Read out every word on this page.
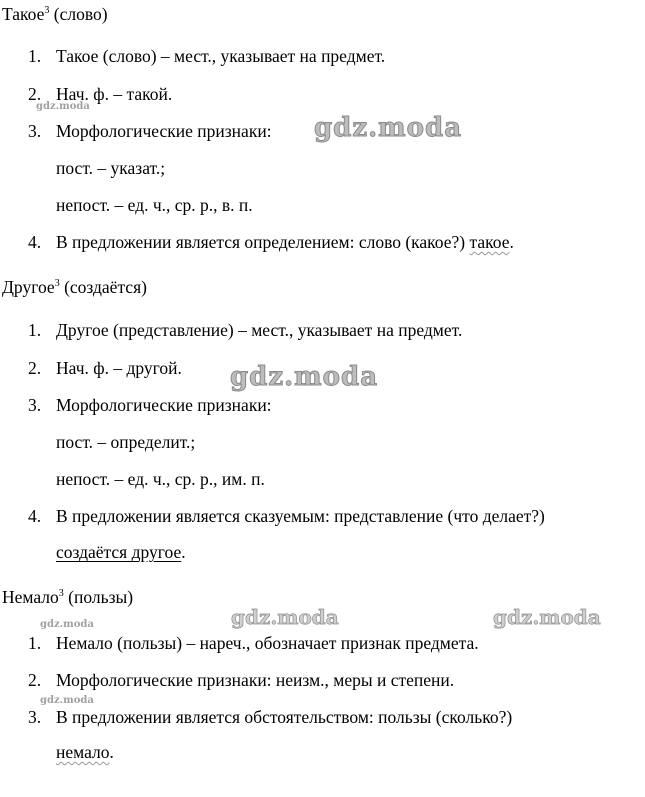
Такое$^3$ (слово)
1. Такое (слово) – мест., указывает на предмет.
2. Нач. ф. – такой.
3. Морфологические признаки:
пост. – указат.;
непост. – ед. ч., ср. р., в. п.
4. В предложении является определением: слово (какое?) такое.
Другое$^3$ (создаётся)
1. Другое (представление) – мест., указывает на предмет.
2. Нач. ф. – другой.
3. Морфологические признаки:
пост. – определит.;
непост. – ед. ч., ср. р., им. п.
4. В предложении является сказуемым: представление (что делает?)
создаётся другое.
Немало$^3$ (пользы)
1. Немало (пользы) – нареч., обозначает признак предмета.
2. Морфологические признаки: неизм., меры и степени.
3. В предложении является обстоятельством: пользы (сколько?)
немало.
gdz.moda
gdz.moda
gdz.moda
gdz.moda	gdz.moda
gdz.moda
gdz.moda
